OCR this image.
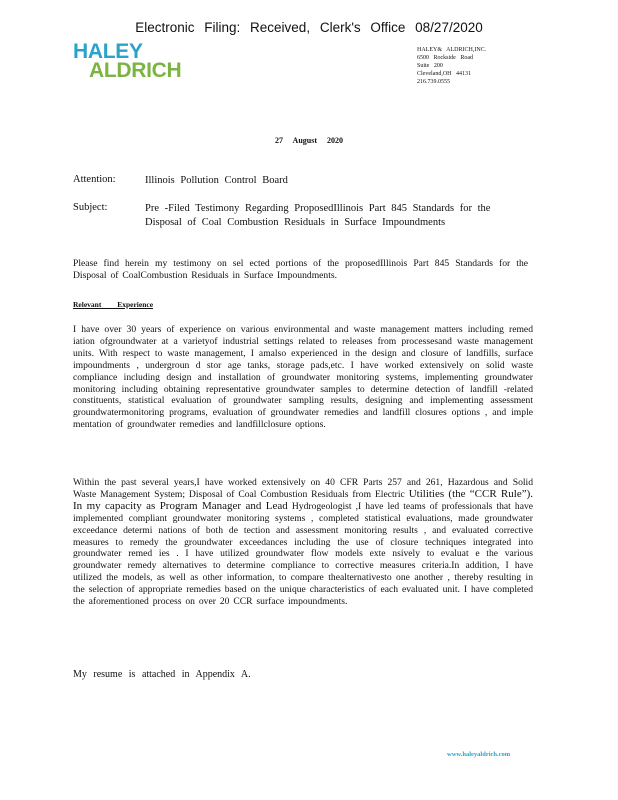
Electronic Filing: Received, Clerk's Office 08/27/2020
HALEY
ALDRICH
HALEY& ALDRICH,INC.
6500 Rockside Road
Suite 200
Cleveland,OH 44131
216.739.0555
27 August 2020
Attention:	Illinois Pollution Control Board
Subject:	Pre -Filed Testimony Regarding ProposedIllinois Part 845 Standards for the
Disposal of Coal Combustion Residuals in Surface Impoundments
Please find herein my testimony on sel ected portions of the proposedIllinois Part 845 Standards for the Disposal of CoalCombustion Residuals in Surface Impoundments.
Relevant Experience
I have over 30 years of experience on various environmental and waste management matters including remed iation ofgroundwater at a varietyof industrial settings related to releases from processesand waste management units. With respect to waste management, I amalso experienced in the design and closure of landfills, surface impoundments , undergroun d stor age tanks, storage pads,etc. I have worked extensively on solid waste compliance including design and installation of groundwater monitoring systems, implementing groundwater monitoring including obtaining representative groundwater samples to determine detection of landfill -related constituents, statistical evaluation of groundwater sampling results, designing and implementing assessment groundwatermonitoring programs, evaluation of groundwater remedies and landfill closures options , and imple mentation of groundwater remedies and landfillclosure options.
Within the past several years,I have worked extensively on 40 CFR Parts 257 and 261, Hazardous and Solid Waste Management System; Disposal of Coal Combustion Residuals from Electric Utilities (the “CCR Rule”). In my capacity as Program Manager and Lead Hydrogeologist ,I have led teams of professionals that have implemented compliant groundwater monitoring systems , completed statistical evaluations, made groundwater exceedance determi nations of both de tection and assessment monitoring results , and evaluated corrective measures to remedy the groundwater exceedances including the use of closure techniques integrated into groundwater remed ies . I have utilized groundwater flow models exte nsively to evaluat e the various groundwater remedy alternatives to determine compliance to corrective measures criteria.In addition, I have utilized the models, as well as other information, to compare thealternativesto one another , thereby resulting in the selection of appropriate remedies based on the unique characteristics of each evaluated unit. I have completed the aforementioned process on over 20 CCR surface impoundments.
My resume is attached in Appendix A.
www.haleyaldrich.com
